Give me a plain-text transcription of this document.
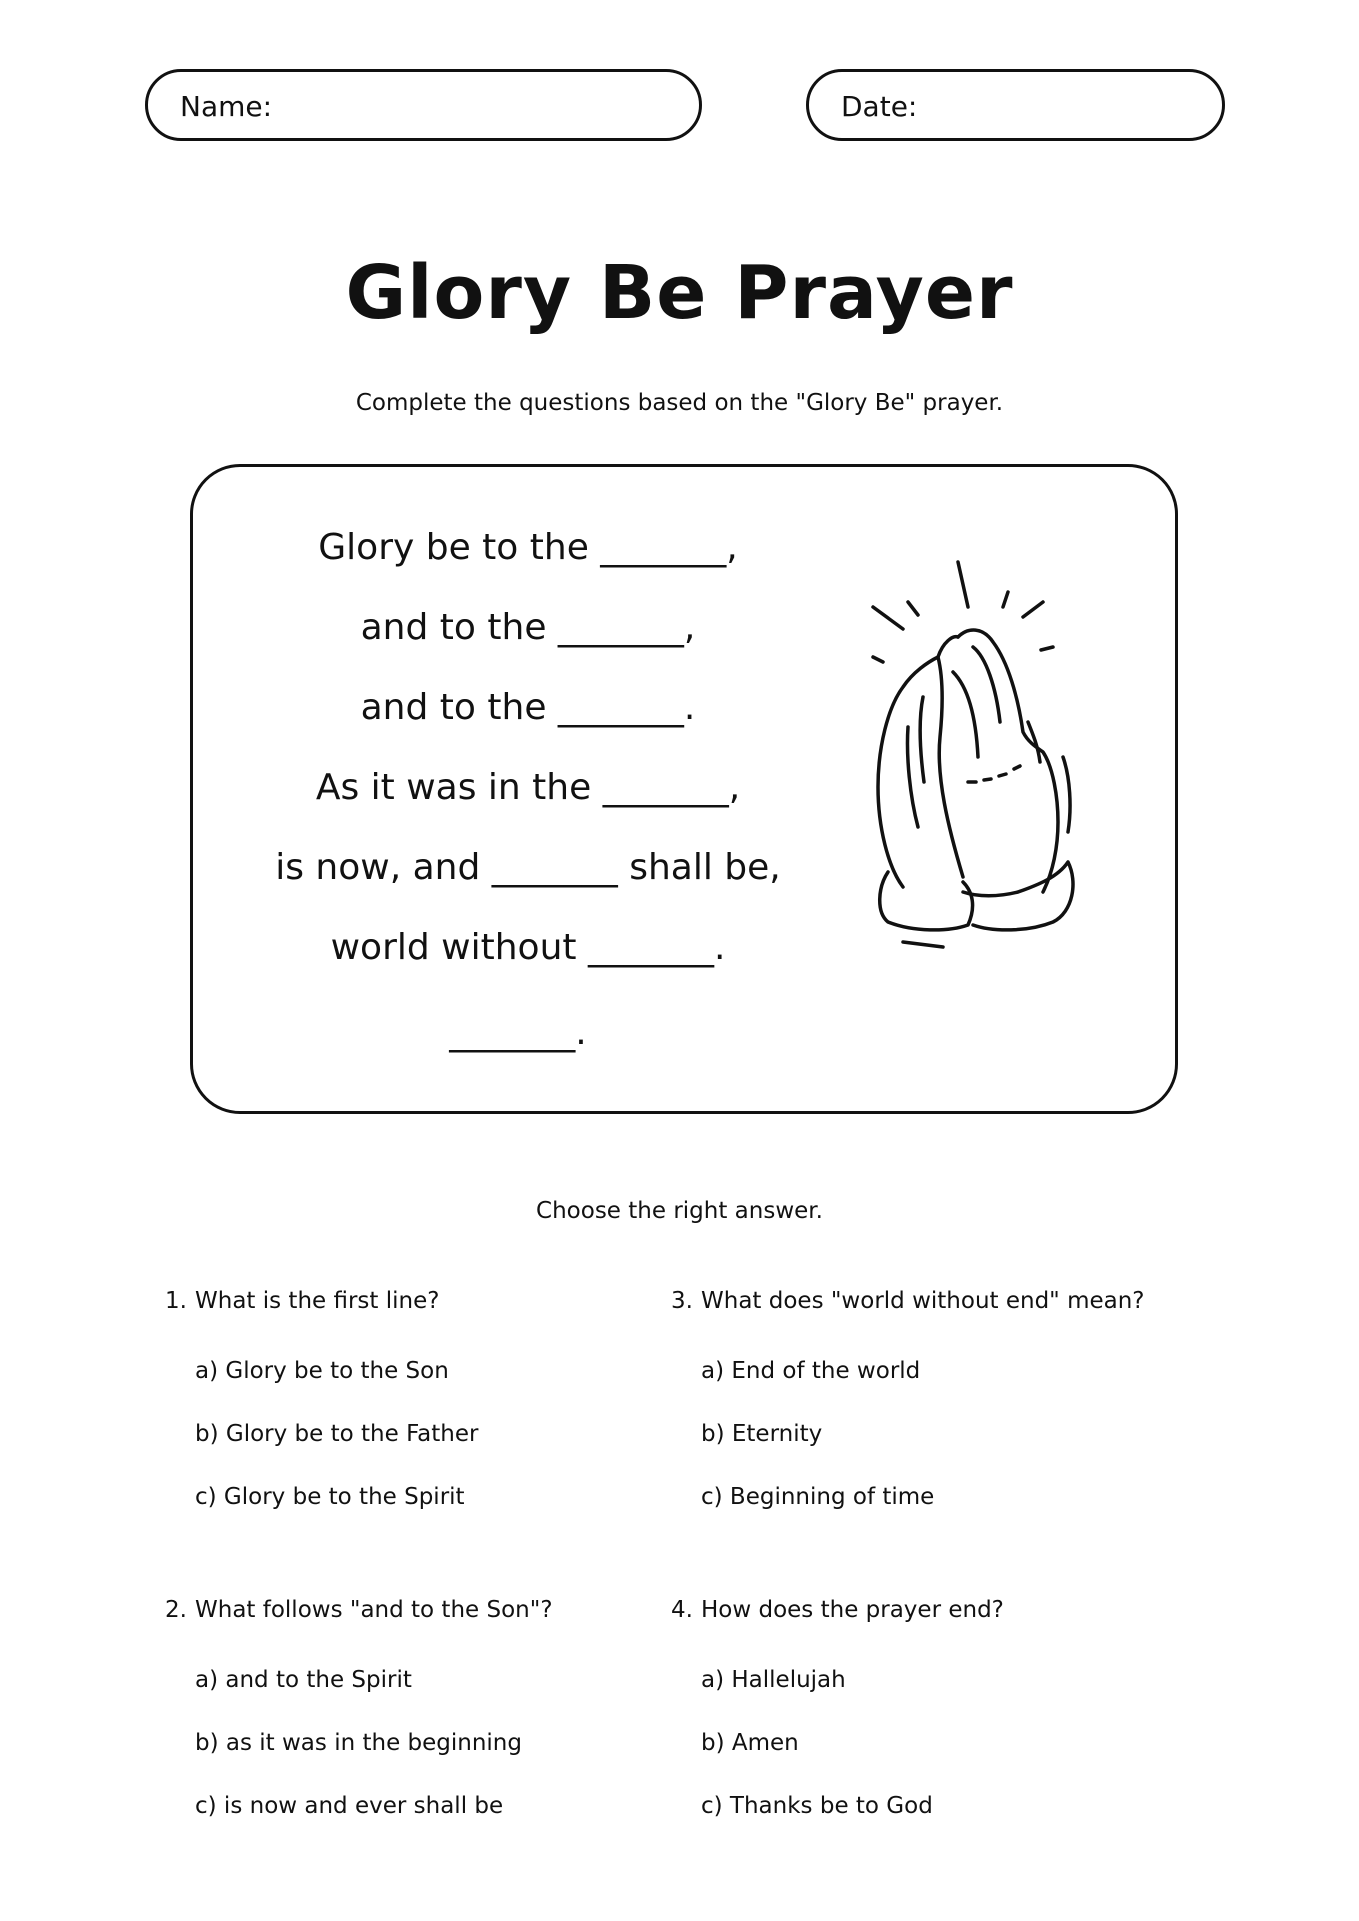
Name:	Date:
Glory Be Prayer
Complete the questions based on the "Glory Be" prayer.
Glory be to the _______,
and to the _______,
and to the _______.
As it was in the _______,
is now, and _______ shall be,
world without _______.
_______.
Choose the right answer.
1. What is the first line?
a) Glory be to the Son
b) Glory be to the Father
c) Glory be to the Spirit
2. What follows "and to the Son"?
a) and to the Spirit
b) as it was in the beginning
c) is now and ever shall be
3. What does "world without end" mean?
a) End of the world
b) Eternity
c) Beginning of time
4. How does the prayer end?
a) Hallelujah
b) Amen
c) Thanks be to God
